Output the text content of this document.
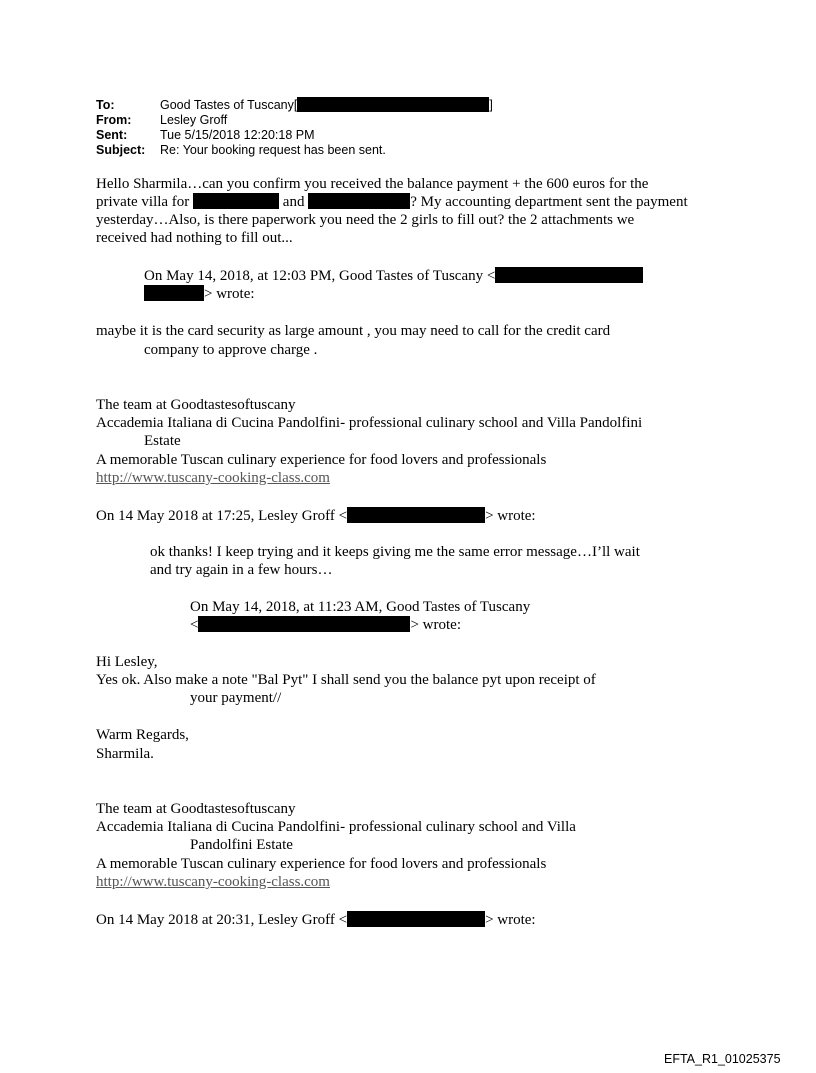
To:	Good Tastes of Tuscany[	]
From: Lesley Groff
Sent:	Tue 5/15/2018 12:20:18 PM
Subject: Re: Your booking request has been sent.
Hello Sharmila…can you confirm you received the balance payment + the 600 euros for the
private villa for	and	? My accounting department sent the payment
yesterday…Also, is there paperwork you need the 2 girls to fill out? the 2 attachments we
received had nothing to fill out...
On May 14, 2018, at 12:03 PM, Good Tastes of Tuscany <
> wrote:
maybe it is the card security as large amount , you may need to call for the credit card
company to approve charge .
The team at Goodtastesoftuscany
Accademia Italiana di Cucina Pandolfini- professional culinary school and Villa Pandolfini
Estate
A memorable Tuscan culinary experience for food lovers and professionals
http://www.tuscany-cooking-class.com
On 14 May 2018 at 17:25, Lesley Groff <	> wrote:
ok thanks! I keep trying and it keeps giving me the same error message…I’ll wait
and try again in a few hours…
On May 14, 2018, at 11:23 AM, Good Tastes of Tuscany
<	> wrote:
Hi Lesley,
Yes ok. Also make a note "Bal Pyt" I shall send you the balance pyt upon receipt of
your payment//
Warm Regards,
Sharmila.
The team at Goodtastesoftuscany
Accademia Italiana di Cucina Pandolfini- professional culinary school and Villa
Pandolfini Estate
A memorable Tuscan culinary experience for food lovers and professionals
http://www.tuscany-cooking-class.com
On 14 May 2018 at 20:31, Lesley Groff <	> wrote:
EFTA_R1_01025375
